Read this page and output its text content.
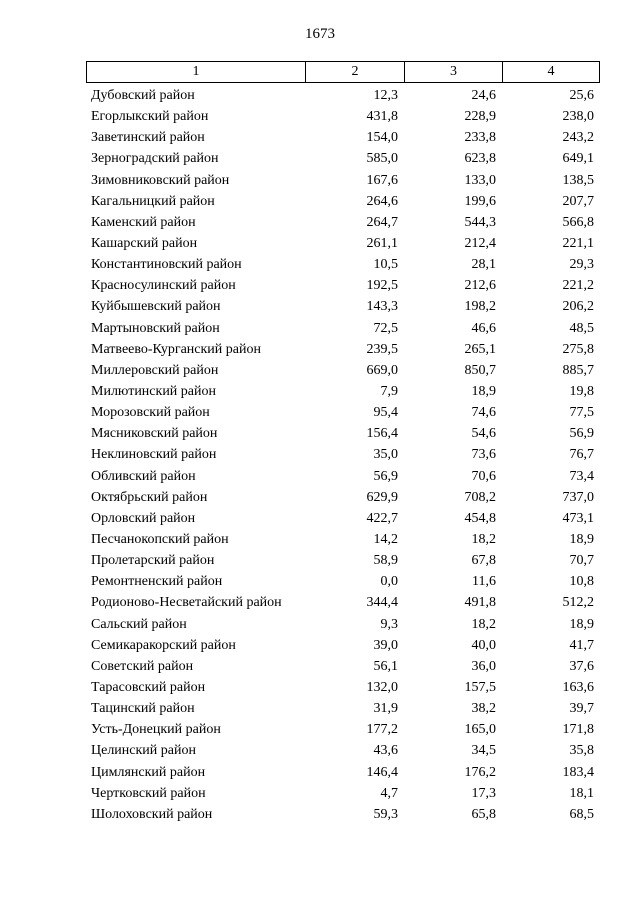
1673
1	2	3	4
Дубовский район	12,3	24,6	25,6
Егорлыкский район	431,8	228,9	238,0
Заветинский район	154,0	233,8	243,2
Зерноградский район	585,0	623,8	649,1
Зимовниковский район	167,6	133,0	138,5
Кагальницкий район	264,6	199,6	207,7
Каменский район	264,7	544,3	566,8
Кашарский район	261,1	212,4	221,1
Константиновский район	10,5	28,1	29,3
Красносулинский район	192,5	212,6	221,2
Куйбышевский район	143,3	198,2	206,2
Мартыновский район	72,5	46,6	48,5
Матвеево-Курганский район	239,5	265,1	275,8
Миллеровский район	669,0	850,7	885,7
Милютинский район	7,9	18,9	19,8
Морозовский район	95,4	74,6	77,5
Мясниковский район	156,4	54,6	56,9
Неклиновский район	35,0	73,6	76,7
Обливский район	56,9	70,6	73,4
Октябрьский район	629,9	708,2	737,0
Орловский район	422,7	454,8	473,1
Песчанокопский район	14,2	18,2	18,9
Пролетарский район	58,9	67,8	70,7
Ремонтненский район	0,0	11,6	10,8
Родионово-Несветайский район	344,4	491,8	512,2
Сальский район	9,3	18,2	18,9
Семикаракорский район	39,0	40,0	41,7
Советский район	56,1	36,0	37,6
Тарасовский район	132,0	157,5	163,6
Тацинский район	31,9	38,2	39,7
Усть-Донецкий район	177,2	165,0	171,8
Целинский район	43,6	34,5	35,8
Цимлянский район	146,4	176,2	183,4
Чертковский район	4,7	17,3	18,1
Шолоховский район	59,3	65,8	68,5
